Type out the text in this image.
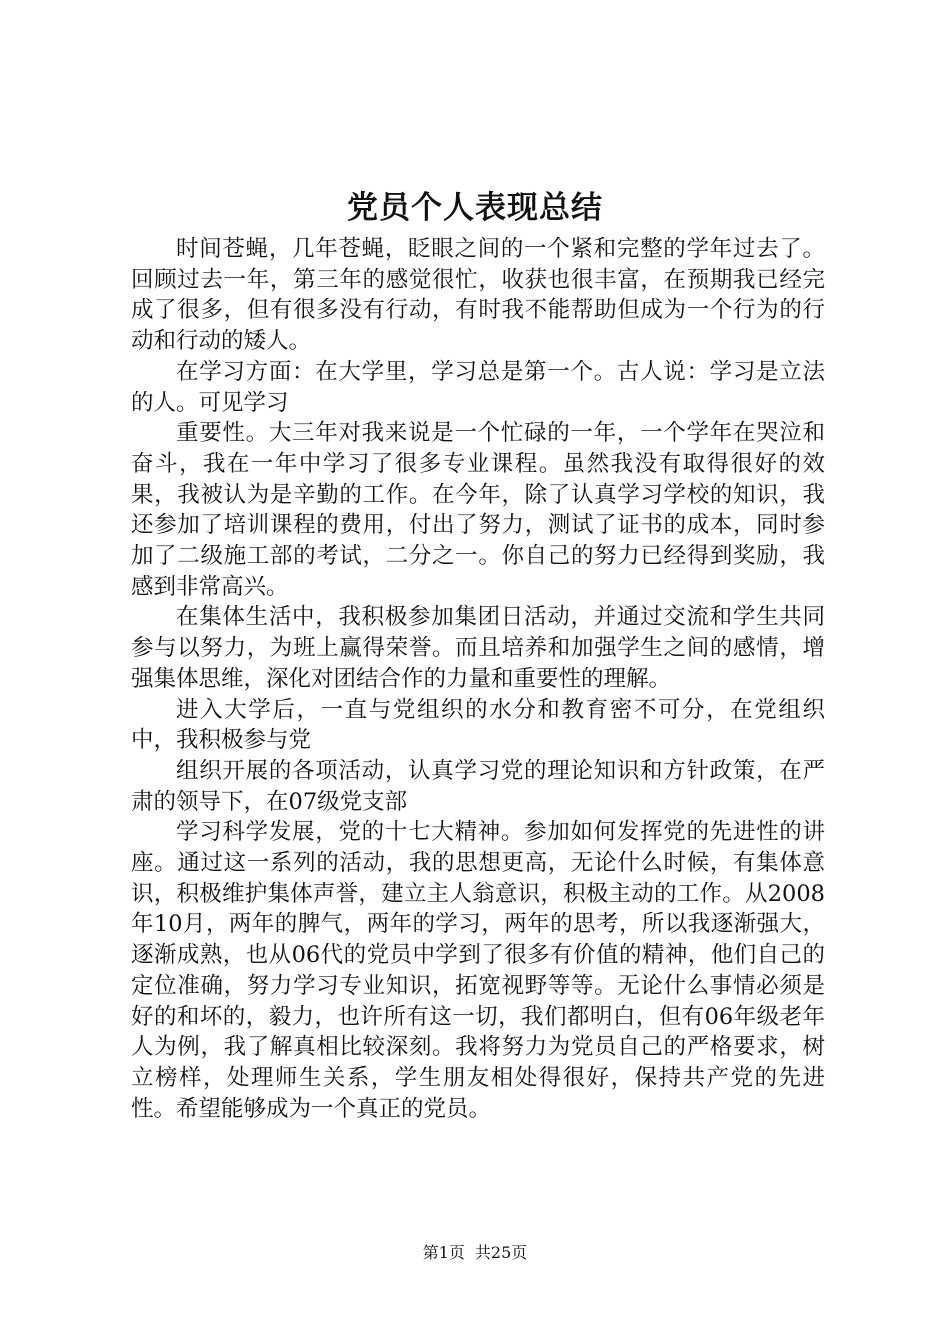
党员个人表现总结

时间苍蝇，几年苍蝇，眨眼之间的一个紧和完整的学年过去了。回顾过去一年，第三年的感觉很忙，收获也很丰富，在预期我已经完成了很多，但有很多没有行动，有时我不能帮助但成为一个行为的行动和行动的矮人。

在学习方面：在大学里，学习总是第一个。古人说：学习是立法的人。可见学习

重要性。大三年对我来说是一个忙碌的一年，一个学年在哭泣和奋斗，我在一年中学习了很多专业课程。虽然我没有取得很好的效果，我被认为是辛勤的工作。在今年，除了认真学习学校的知识，我还参加了培训课程的费用，付出了努力，测试了证书的成本，同时参加了二级施工部的考试，二分之一。你自己的努力已经得到奖励，我感到非常高兴。

在集体生活中，我积极参加集团日活动，并通过交流和学生共同参与以努力，为班上赢得荣誉。而且培养和加强学生之间的感情，增强集体思维，深化对团结合作的力量和重要性的理解。

进入大学后，一直与党组织的水分和教育密不可分，在党组织中，我积极参与党

组织开展的各项活动，认真学习党的理论知识和方针政策，在严肃的领导下，在07级党支部

学习科学发展，党的十七大精神。参加如何发挥党的先进性的讲座。通过这一系列的活动，我的思想更高，无论什么时候，有集体意识，积极维护集体声誉，建立主人翁意识，积极主动的工作。从2008年10月，两年的脾气，两年的学习，两年的思考，所以我逐渐强大，逐渐成熟，也从06代的党员中学到了很多有价值的精神，他们自己的定位准确，努力学习专业知识，拓宽视野等等。无论什么事情必须是好的和坏的，毅力，也许所有这一切，我们都明白，但有06年级老年人为例，我了解真相比较深刻。我将努力为党员自己的严格要求，树立榜样，处理师生关系，学生朋友相处得很好，保持共产党的先进性。希望能够成为一个真正的党员。

第1页 共25页
